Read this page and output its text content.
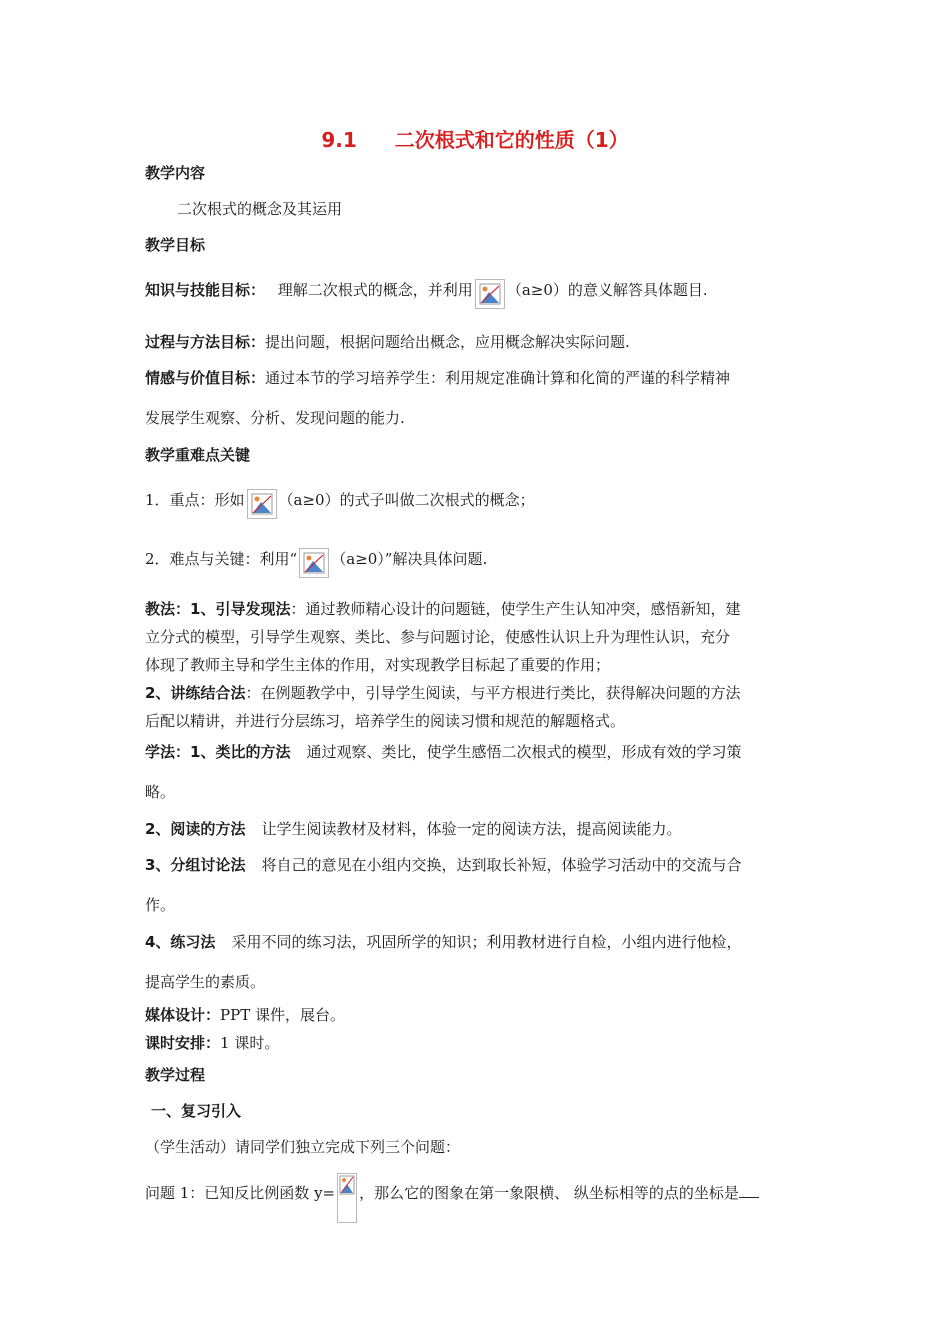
9.1 二次根式和它的性质（1）
教学内容
二次根式的概念及其运用
教学目标
知识与技能目标： 理解二次根式的概念，并利用 （a≥0）的意义解答具体题目.
过程与方法目标：提出问题，根据问题给出概念，应用概念解决实际问题.
情感与价值目标：通过本节的学习培养学生：利用规定准确计算和化简的严谨的科学精神
发展学生观察、分析、发现问题的能力.
教学重难点关键
1．重点：形如 （a≥0）的式子叫做二次根式的概念；
2．难点与关键：利用“ （a≥0）”解决具体问题.
教法：1、引导发现法：通过教师精心设计的问题链，使学生产生认知冲突，感悟新知，建
立分式的模型，引导学生观察、类比、参与问题讨论，使感性认识上升为理性认识，充分
体现了教师主导和学生主体的作用，对实现教学目标起了重要的作用；
2、讲练结合法：在例题教学中，引导学生阅读，与平方根进行类比，获得解决问题的方法
后配以精讲，并进行分层练习，培养学生的阅读习惯和规范的解题格式。
学法：1、类比的方法 通过观察、类比，使学生感悟二次根式的模型，形成有效的学习策
略。
2、阅读的方法 让学生阅读教材及材料，体验一定的阅读方法，提高阅读能力。
3、分组讨论法 将自己的意见在小组内交换，达到取长补短，体验学习活动中的交流与合
作。
4、练习法 采用不同的练习法，巩固所学的知识；利用教材进行自检，小组内进行他检，
提高学生的素质。
媒体设计：PPT 课件，展台。
课时安排：1 课时。
教学过程
一、复习引入
（学生活动）请同学们独立完成下列三个问题：
问题 1：已知反比例函数 y= ，那么它的图象在第一象限横、 纵坐标相等的点的坐标是
